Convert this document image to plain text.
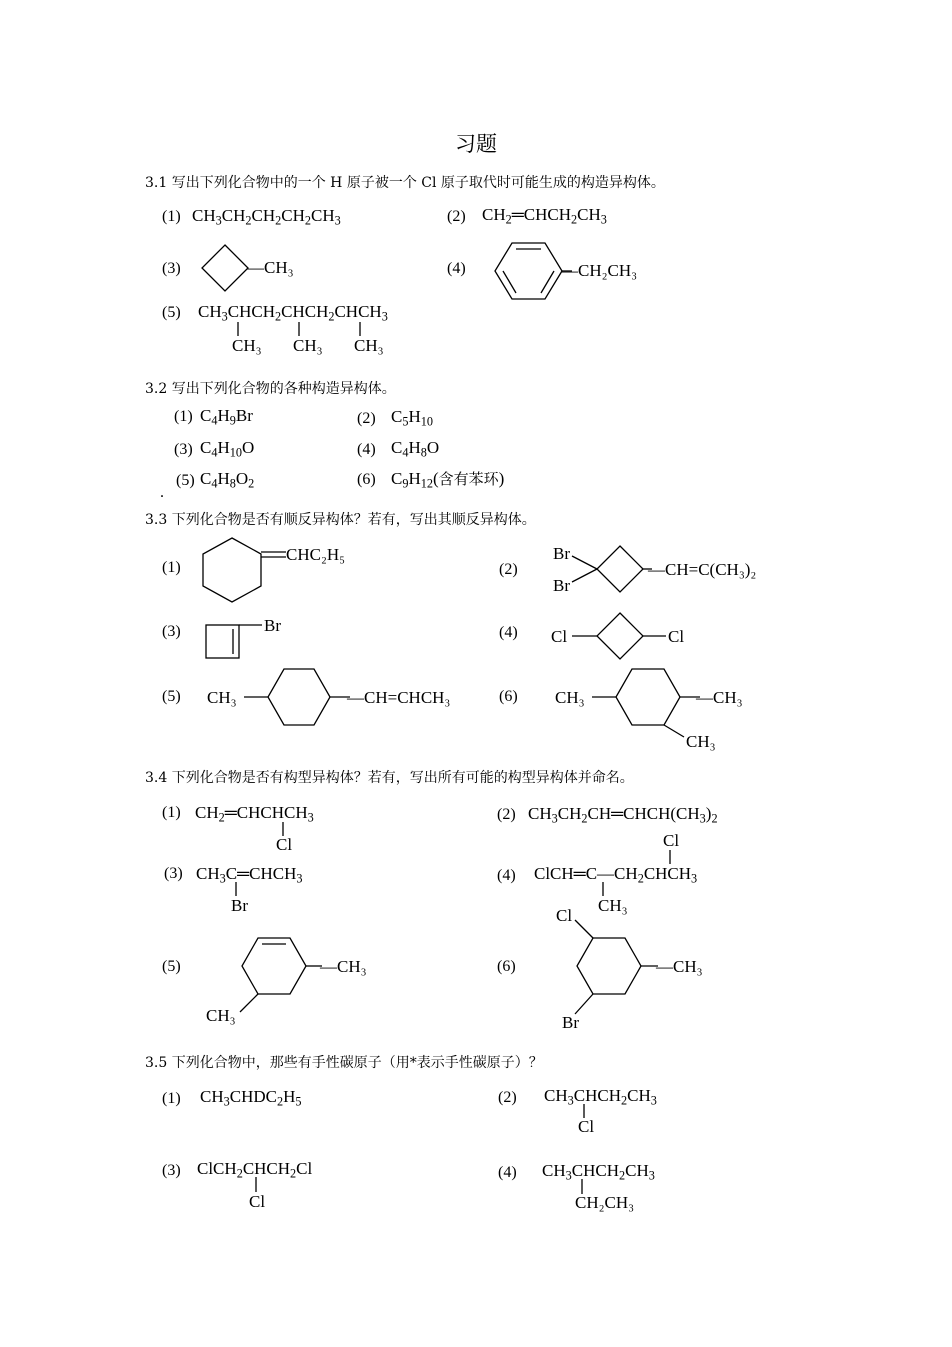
习题
3.1 写出下列化合物中的一个 H 原子被一个 Cl 原子取代时可能生成的构造异构体。
(1) $CH_3CH_2CH_2CH_2CH_3$	(2) $CH_2═CHCH_2CH_3$
(3)	—CH₃	(4)	—CH₂CH₃
(5) $CH_3CHCH_2CHCH_2CHCH_3$
CH₃ CH₃ CH₃
3.2 写出下列化合物的各种构造异构体。
(1) $C_4H_9Br$	(2) $C_5H_{10}$
(3) $C_4H_{10}O$	(4) $C_4H_8O$
(5) $C_4H_8O_2$	(6) $C_9H_{12}$(含有苯环)
.
3.3 下列化合物是否有顺反异构体？若有，写出其顺反异构体。
(1)
CHC₂H₅
(2)
Br
Br
—CH=C(CH₃)₂
(3)	Br	(4) Cl	Cl
(5) CH₃	—CH=CHCH₃	(6) CH₃	—CH₃
CH₃
3.4 下列化合物是否有构型异构体？若有，写出所有可能的构型异构体并命名。
(1) $CH_2═CHCHCH_3$
Cl
(2) $CH_3CH_2CH═CHCH(CH_3)_2$
Cl
(3) $CH_3C═CHCH_3$
Br
(4) $ClCH═C—CH_2CHCH_3$
CH₃
Cl
(5)	—CH₃
CH₃
(6)	—CH₃
Br
3.5 下列化合物中，那些有手性碳原子（用*表示手性碳原子）？
(1) $CH_3CHDC_2H_5$	(2) $CH_3CHCH_2CH_3$
Cl
(3) $ClCH_2CHCH_2Cl$
Cl
(4) $CH_3CHCH_2CH_3$
CH₂CH₃
